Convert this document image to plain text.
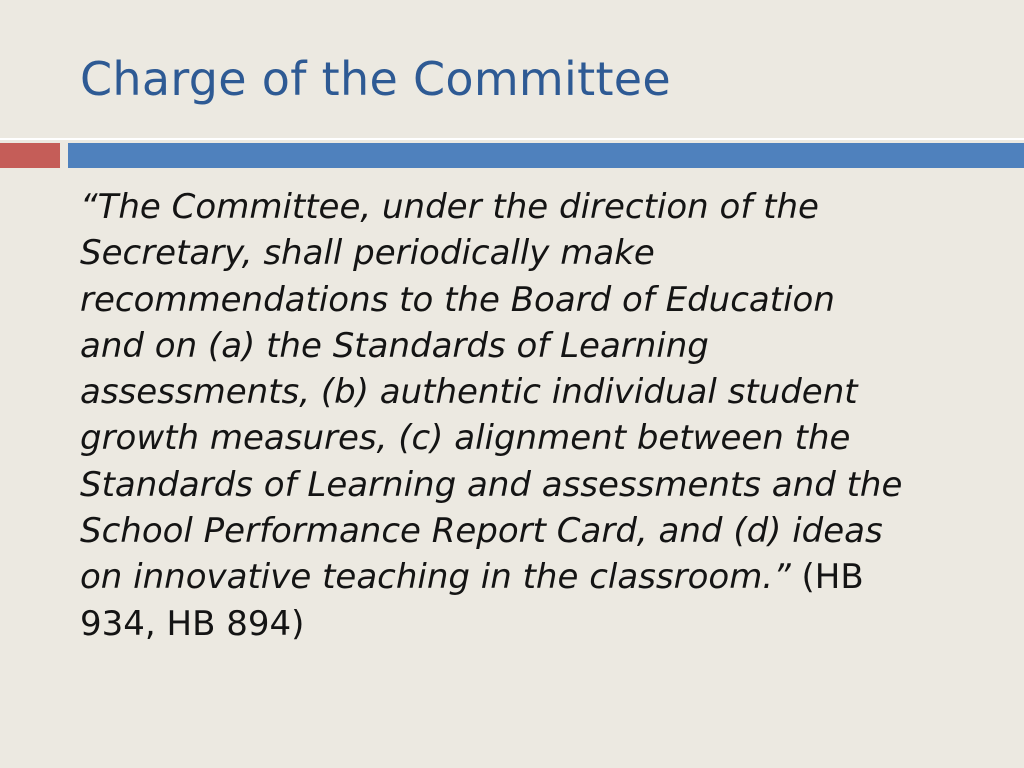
Charge of the Committee
“The Committee, under the direction of the
Secretary, shall periodically make
recommendations to the Board of Education
and on (a) the Standards of Learning
assessments, (b) authentic individual student
growth measures, (c) alignment between the
Standards of Learning and assessments and the
School Performance Report Card, and (d) ideas
on innovative teaching in the classroom.” (HB
934, HB 894)
